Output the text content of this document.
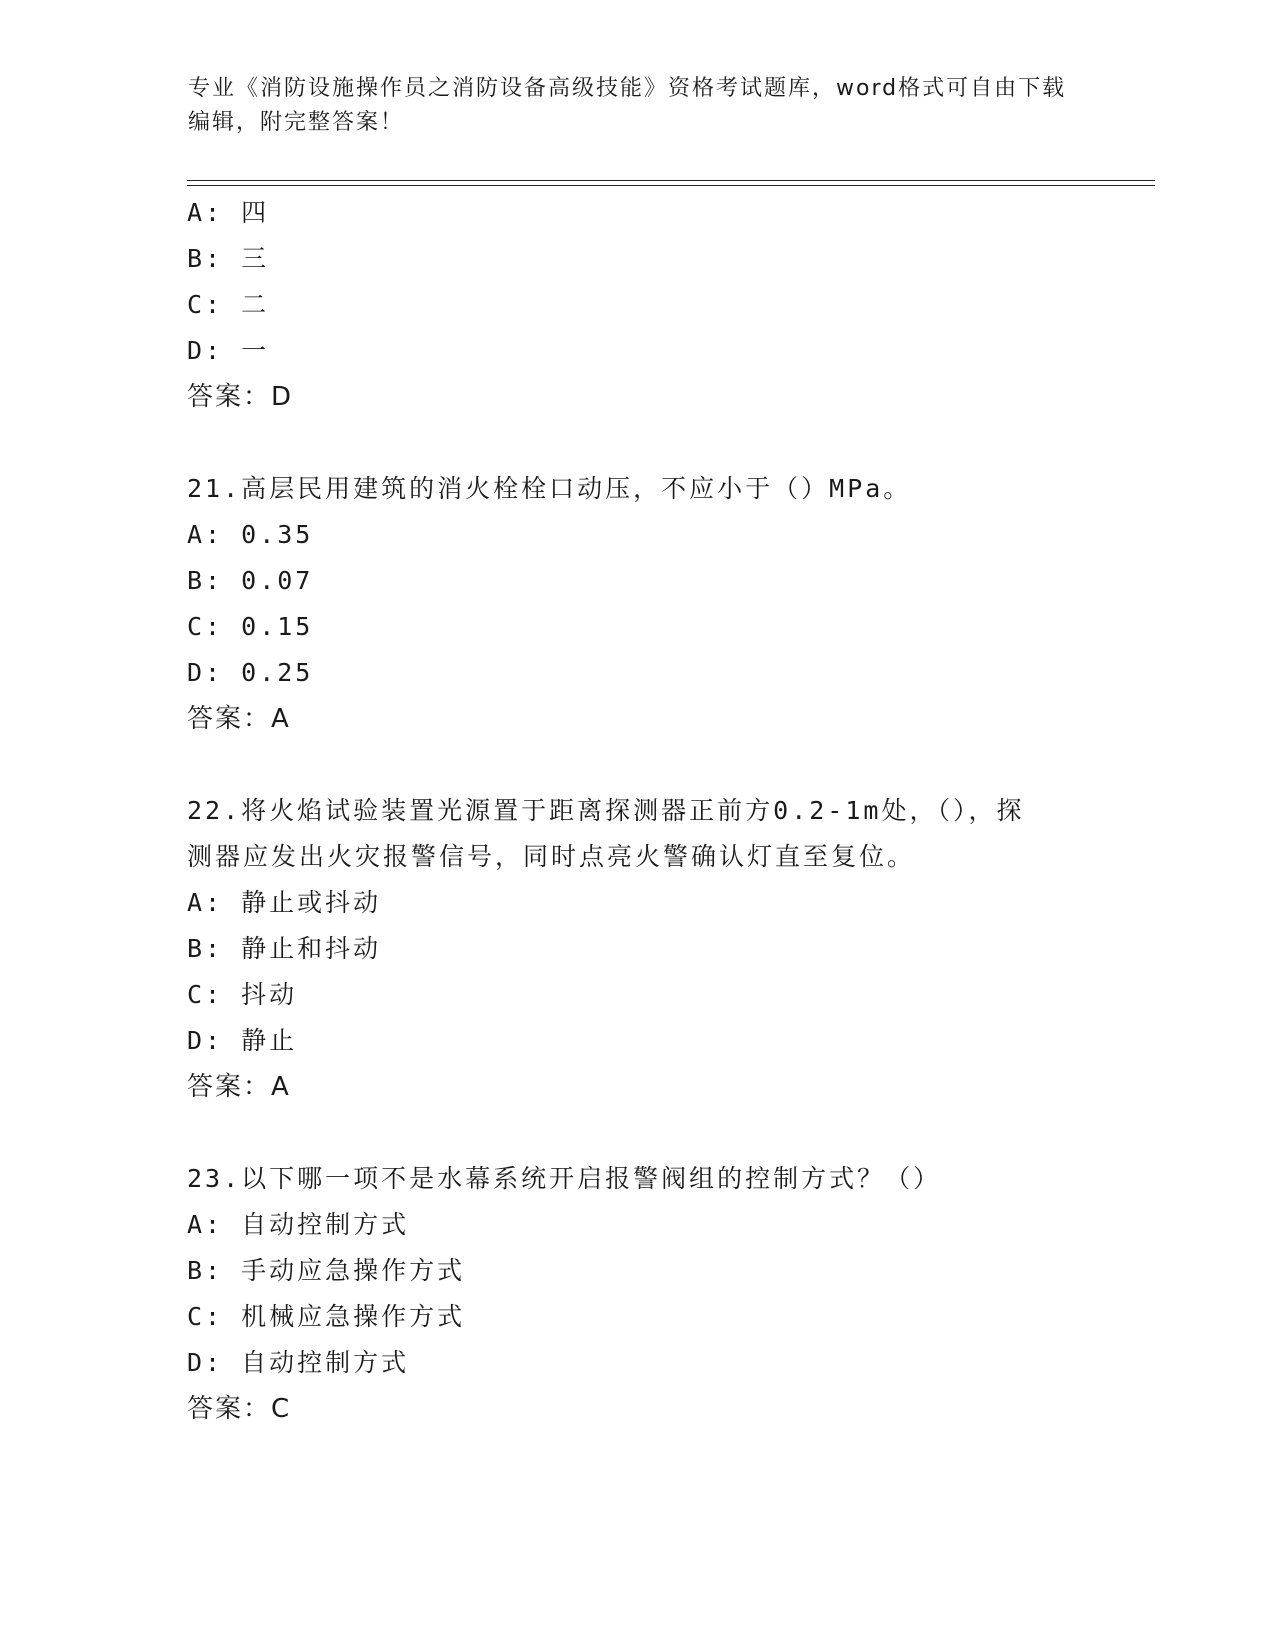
专业《消防设施操作员之消防设备高级技能》资格考试题库，word格式可自由下载编辑，附完整答案！
A: 四
B: 三
C: 二
D: 一
答案：D
21.高层民用建筑的消火栓栓口动压，不应小于（）MPa。
A: 0.35
B: 0.07
C: 0.15
D: 0.25
答案：A
22.将火焰试验装置光源置于距离探测器正前方0.2-1m处，（），探
测器应发出火灾报警信号，同时点亮火警确认灯直至复位。
A: 静止或抖动
B: 静止和抖动
C: 抖动
D: 静止
答案：A
23.以下哪一项不是水幕系统开启报警阀组的控制方式？（）
A: 自动控制方式
B: 手动应急操作方式
C: 机械应急操作方式
D: 自动控制方式
答案：C
